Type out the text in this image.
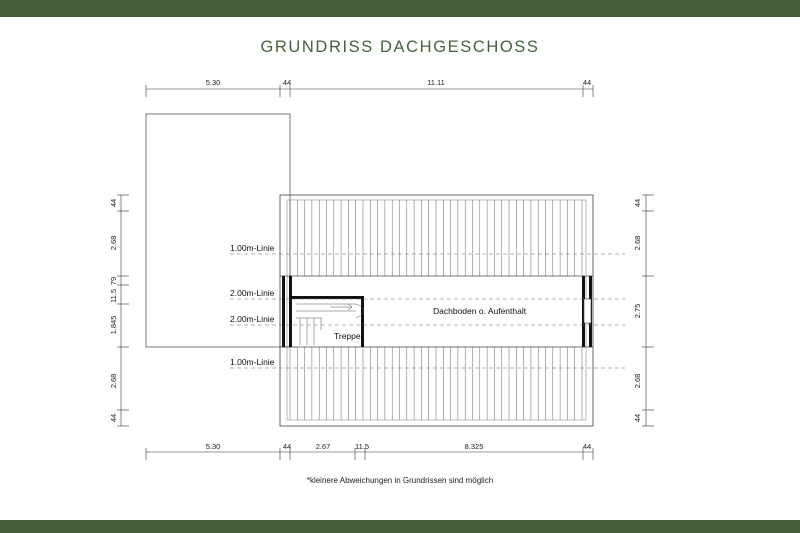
GRUNDRISS DACHGESCHOSS
Treppe
Dachboden o. Aufenthalt
1.00m-Linie
2.00m-Linie
2.00m-Linie
1.00m-Linie
5.30	44	11.11	44
5.30	44	2.67	11.5	8.325	44
44
2.68
11.5
79
1.845
2.68
44
44
2.68
2.75
2.68
44
*kleinere Abweichungen in Grundrissen sind möglich
